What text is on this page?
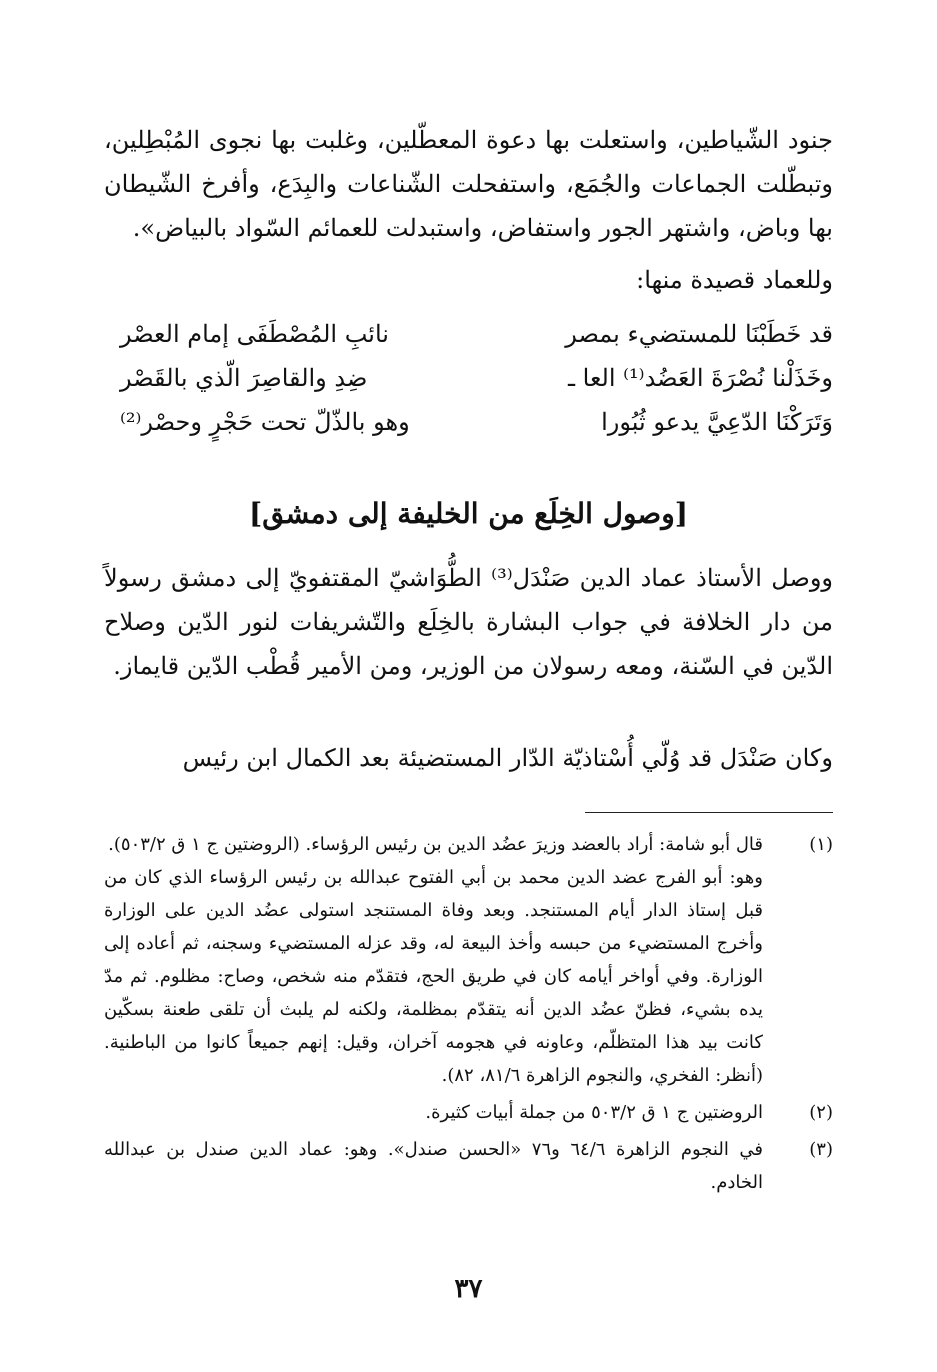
جنود الشّياطين، واستعلت بها دعوة المعطّلين، وغلبت بها نجوى المُبْطِلين، وتبطّلت الجماعات والجُمَع، واستفحلت الشّناعات والبِدَع، وأفرخ الشّيطان بها وباض، واشتهر الجور واستفاض، واستبدلت للعمائم السّواد بالبياض».
وللعماد قصيدة منها:
قد خَطَبْنَا للمستضيء بمصر
نائبِ المُصْطَفَى إمام العصْر
وخَذَلْنا نُصْرَةَ العَضُد⁽¹⁾ العا ـ
ضِدِ والقاصِرَ الّذي بالقَصْر
وَتَرَكْنَا الدّعِيَّ يدعو ثُبُورا
وهو بالذّلّ تحت حَجْرٍ وحصْر⁽²⁾
[وصول الخِلَع من الخليفة إلى دمشق]
ووصل الأستاذ عماد الدين صَنْدَل⁽³⁾ الطُّوَاشيّ المقتفويّ إلى دمشق رسولاً من دار الخلافة في جواب البشارة بالخِلَع والتّشريفات لنور الدّين وصلاح الدّين في السّنة، ومعه رسولان من الوزير، ومن الأمير قُطْب الدّين قايماز.
وكان صَنْدَل قد وُلّي أُسْتاذيّة الدّار المستضيئة بعد الكمال ابن رئيس
(١)
قال أبو شامة: أراد بالعضد وزيرَ عضُد الدين بن رئيس الرؤساء. (الروضتين ج ١ ق ٥٠٣/٢).
وهو: أبو الفرج عضد الدين محمد بن أبي الفتوح عبدالله بن رئيس الرؤساء الذي كان من قبل إستاذ الدار أيام المستنجد. وبعد وفاة المستنجد استولى عضُد الدين على الوزارة وأخرج المستضيء من حبسه وأخذ البيعة له، وقد عزله المستضيء وسجنه، ثم أعاده إلى الوزارة. وفي أواخر أيامه كان في طريق الحج، فتقدّم منه شخص، وصاح: مظلوم. ثم مدّ يده بشيء، فظنّ عضُد الدين أنه يتقدّم بمظلمة، ولكنه لم يلبث أن تلقى طعنة بسكّين كانت بيد هذا المتظلّم، وعاونه في هجومه آخران، وقيل: إنهم جميعاً كانوا من الباطنية. (أنظر: الفخري، والنجوم الزاهرة ٨١/٦، ٨٢).
(٢)
الروضتين ج ١ ق ٥٠٣/٢ من جملة أبيات كثيرة.
(٣)
في النجوم الزاهرة ٦٤/٦ و٧٦ «الحسن صندل». وهو: عماد الدين صندل بن عبدالله الخادم.
٣٧
